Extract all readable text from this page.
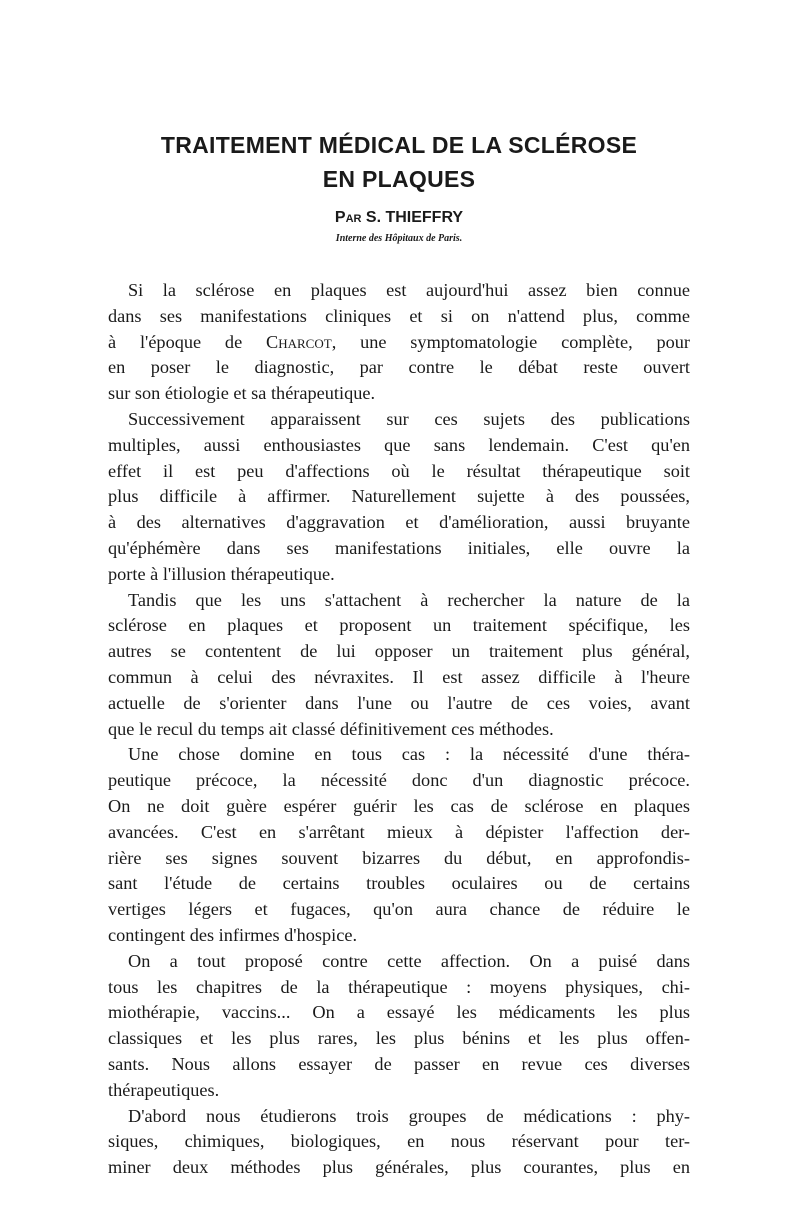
TRAITEMENT MÉDICAL DE LA SCLÉROSE
EN PLAQUES
Par S. THIEFFRY
Interne des Hôpitaux de Paris.

Si la sclérose en plaques est aujourd'hui assez bien connue
dans ses manifestations cliniques et si on n'attend plus, comme
à l'époque de Charcot, une symptomatologie complète, pour
en poser le diagnostic, par contre le débat reste ouvert
sur son étiologie et sa thérapeutique.

Successivement apparaissent sur ces sujets des publications
multiples, aussi enthousiastes que sans lendemain. C'est qu'en
effet il est peu d'affections où le résultat thérapeutique soit
plus difficile à affirmer. Naturellement sujette à des poussées,
à des alternatives d'aggravation et d'amélioration, aussi bruyante
qu'éphémère dans ses manifestations initiales, elle ouvre la
porte à l'illusion thérapeutique.

Tandis que les uns s'attachent à rechercher la nature de la
sclérose en plaques et proposent un traitement spécifique, les
autres se contentent de lui opposer un traitement plus général,
commun à celui des névraxites. Il est assez difficile à l'heure
actuelle de s'orienter dans l'une ou l'autre de ces voies, avant
que le recul du temps ait classé définitivement ces méthodes.

Une chose domine en tous cas : la nécessité d'une théra-
peutique précoce, la nécessité donc d'un diagnostic précoce.
On ne doit guère espérer guérir les cas de sclérose en plaques
avancées. C'est en s'arrêtant mieux à dépister l'affection der-
rière ses signes souvent bizarres du début, en approfondis-
sant l'étude de certains troubles oculaires ou de certains
vertiges légers et fugaces, qu'on aura chance de réduire le
contingent des infirmes d'hospice.

On a tout proposé contre cette affection. On a puisé dans
tous les chapitres de la thérapeutique : moyens physiques, chi-
miothérapie, vaccins... On a essayé les médicaments les plus
classiques et les plus rares, les plus bénins et les plus offen-
sants. Nous allons essayer de passer en revue ces diverses
thérapeutiques.

D'abord nous étudierons trois groupes de médications : phy-
siques, chimiques, biologiques, en nous réservant pour ter-
miner deux méthodes plus générales, plus courantes, plus en
